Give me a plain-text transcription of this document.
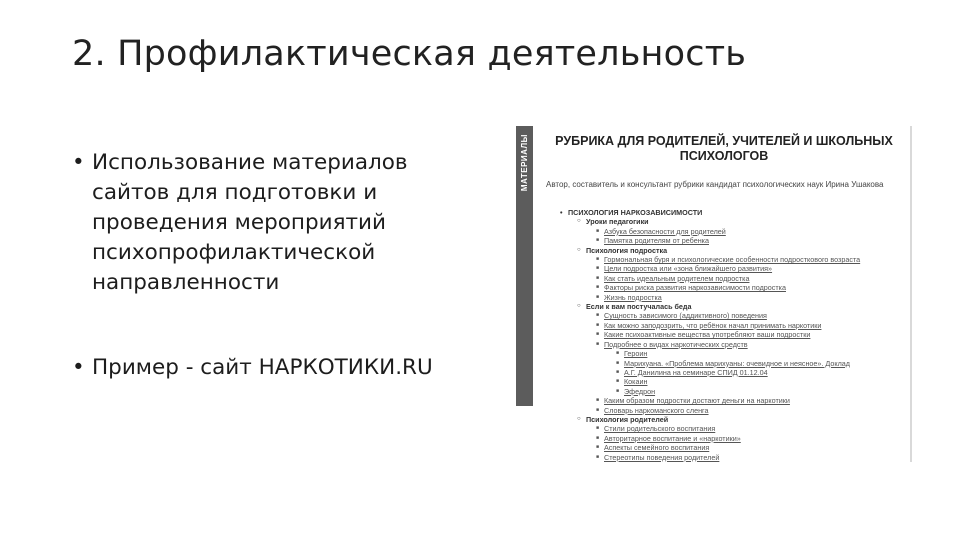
2. Профилактическая деятельность
• Использование материалов сайтов для подготовки и проведения мероприятий психопрофилактической направленности
• Пример - сайт НАРКОТИКИ.RU
МАТЕРИАЛЫ РУБРИКА ДЛЯ РОДИТЕЛЕЙ, УЧИТЕЛЕЙ И ШКОЛЬНЫХ ПСИХОЛОГОВ
Автор, составитель и консультант рубрики кандидат психологических наук Ирина Ушакова
• ПСИХОЛОГИЯ НАРКОЗАВИСИМОСТИ
○ Уроки педагогики
■ Азбука безопасности для родителей
■ Памятка родителям от ребенка
○ Психология подростка
■ Гормональная буря и психологические особенности подросткового возраста
■ Цели подростка или «зона ближайшего развития»
■ Как стать идеальным родителем подростка
■ Факторы риска развития наркозависимости подростка
■ Жизнь подростка
○ Если к вам постучалась беда
■ Сущность зависимого (аддиктивного) поведения
■ Как можно заподозрить, что ребёнок начал принимать наркотики
■ Какие психоактивные вещества употребляют ваши подростки
■ Подробнее о видах наркотических средств
■ Героин
■ Марихуана. «Проблема марихуаны: очевидное и неясное». Доклад
■ А.Г. Данилина на семинаре СПИД 01.12.04
■ Кокаин
■ Эфедрон
■ Каким образом подростки достают деньги на наркотики
■ Словарь наркоманского сленга
○ Психология родителей
■ Стили родительского воспитания
■ Авторитарное воспитание и «наркотики»
■ Аспекты семейного воспитания
■ Стереотипы поведения родителей
